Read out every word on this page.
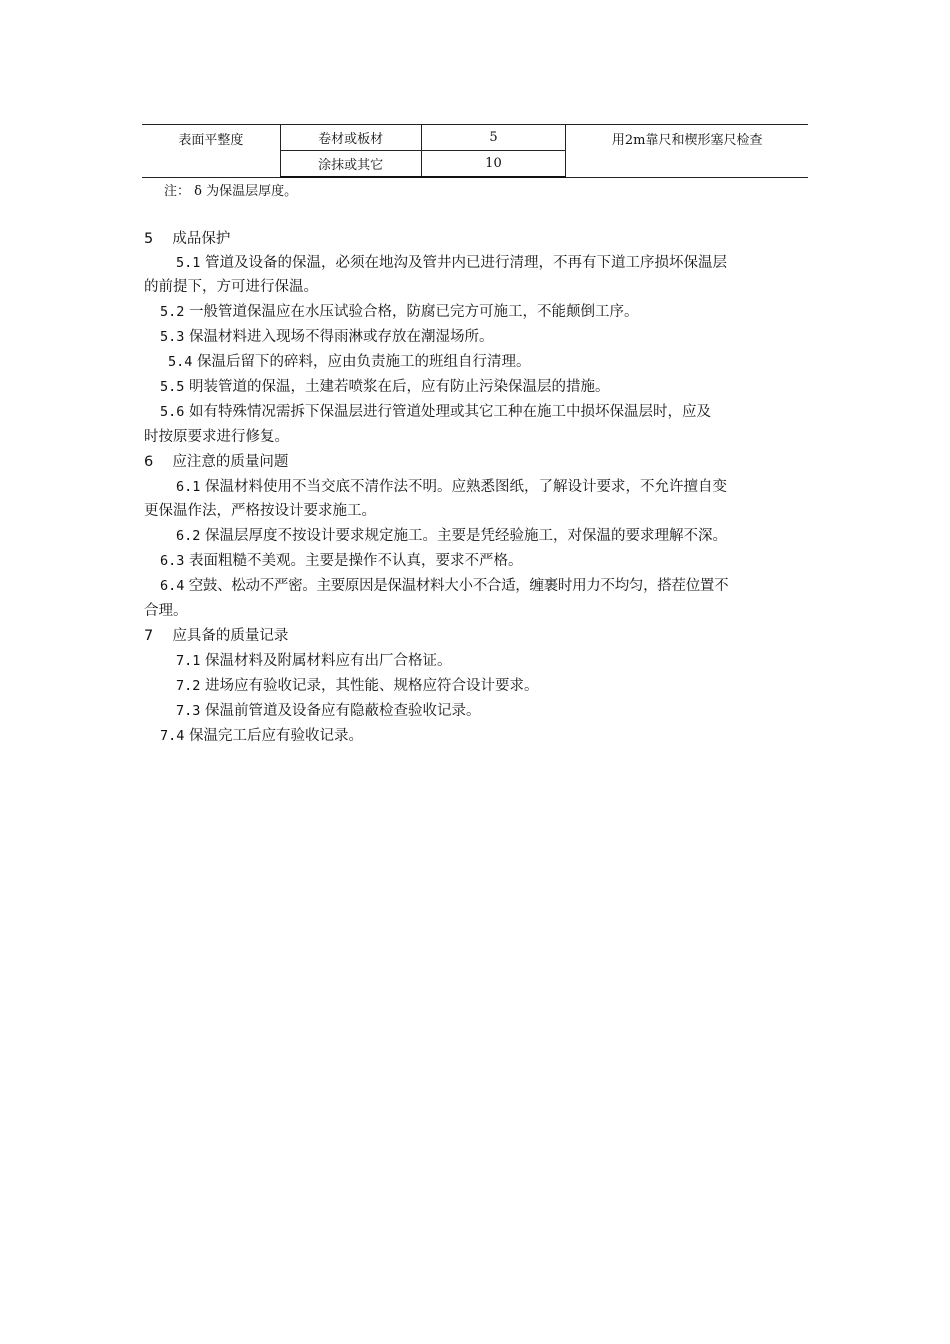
表面平整度	卷材或板材	5	用2m靠尺和楔形塞尺检查
	涂抹或其它	10	
注： δ 为保温层厚度。
5　 成品保护
5.1 管道及设备的保温，必须在地沟及管井内已进行清理，不再有下道工序损坏保温层
的前提下，方可进行保温。
5.2 一般管道保温应在水压试验合格，防腐已完方可施工，不能颠倒工序。
5.3 保温材料进入现场不得雨淋或存放在潮湿场所。
5.4 保温后留下的碎料，应由负责施工的班组自行清理。
5.5 明装管道的保温，土建若喷浆在后，应有防止污染保温层的措施。
5.6 如有特殊情况需拆下保温层进行管道处理或其它工种在施工中损坏保温层时，应及
时按原要求进行修复。
6　 应注意的质量问题
6.1 保温材料使用不当交底不清作法不明。应熟悉图纸，了解设计要求，不允许擅自变
更保温作法，严格按设计要求施工。
6.2 保温层厚度不按设计要求规定施工。主要是凭经验施工，对保温的要求理解不深。
6.3 表面粗糙不美观。主要是操作不认真，要求不严格。
6.4 空鼓、松动不严密。主要原因是保温材料大小不合适，缠裹时用力不均匀，搭茬位置不
合理。
7　 应具备的质量记录
7.1 保温材料及附属材料应有出厂合格证。
7.2 进场应有验收记录，其性能、规格应符合设计要求。
7.3 保温前管道及设备应有隐蔽检查验收记录。
7.4 保温完工后应有验收记录。
